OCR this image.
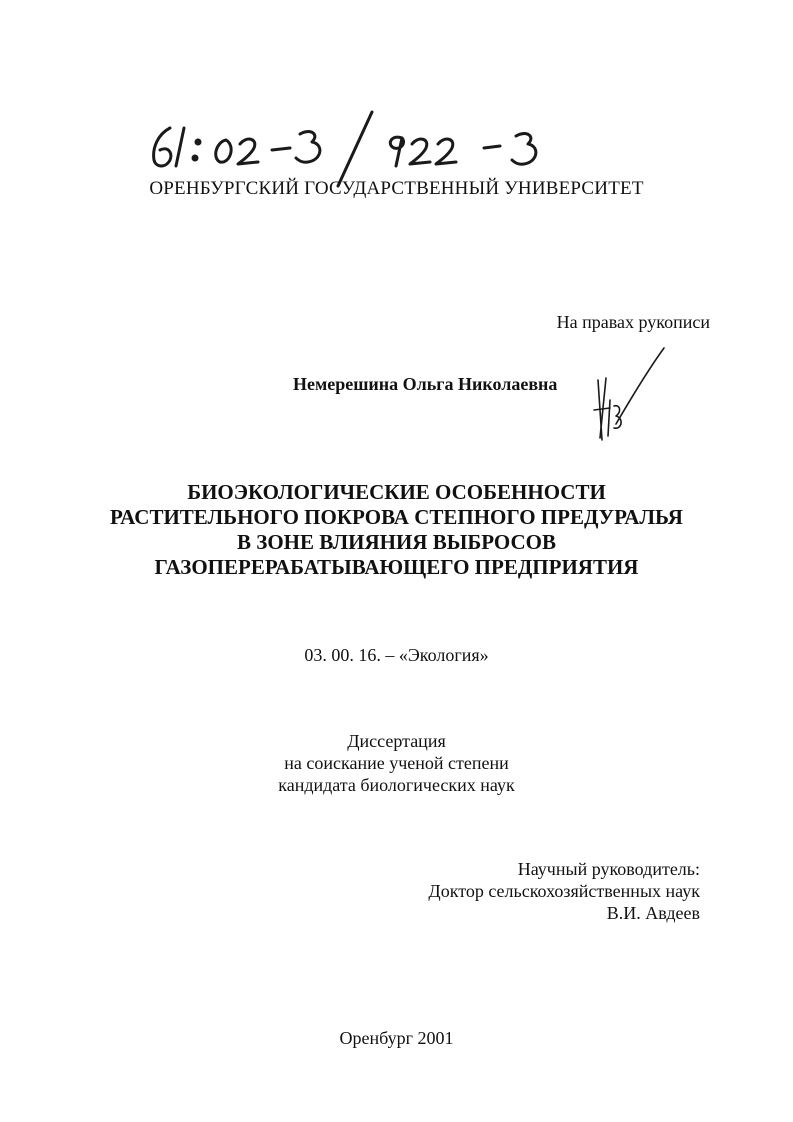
ОРЕНБУРГСКИЙ ГОСУДАРСТВЕННЫЙ УНИВЕРСИТЕТ
На правах рукописи
Немерешина Ольга Николаевна
БИОЭКОЛОГИЧЕСКИЕ ОСОБЕННОСТИ
РАСТИТЕЛЬНОГО ПОКРОВА СТЕПНОГО ПРЕДУРАЛЬЯ
В ЗОНЕ ВЛИЯНИЯ ВЫБРОСОВ
ГАЗОПЕРЕРАБАТЫВАЮЩЕГО ПРЕДПРИЯТИЯ
03. 00. 16. – «Экология»
Диссертация
на соискание ученой степени
кандидата биологических наук
Научный руководитель:
Доктор сельскохозяйственных наук
В.И. Авдеев
Оренбург 2001
